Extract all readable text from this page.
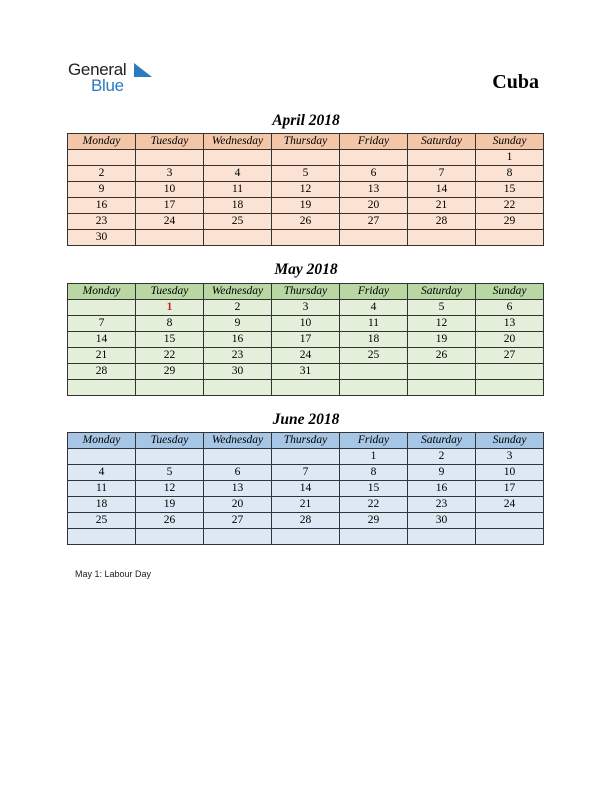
General
Blue	Cuba
April 2018
Monday	Tuesday	Wednesday	Thursday	Friday	Saturday	Sunday
						1
2	3	4	5	6	7	8
9	10	11	12	13	14	15
16	17	18	19	20	21	22
23	24	25	26	27	28	29
30						
May 2018
Monday	Tuesday	Wednesday	Thursday	Friday	Saturday	Sunday
	1	2	3	4	5	6
7	8	9	10	11	12	13
14	15	16	17	18	19	20
21	22	23	24	25	26	27
28	29	30	31			

June 2018
Monday	Tuesday	Wednesday	Thursday	Friday	Saturday	Sunday
				1	2	3
4	5	6	7	8	9	10
11	12	13	14	15	16	17
18	19	20	21	22	23	24
25	26	27	28	29	30	

May 1: Labour Day
